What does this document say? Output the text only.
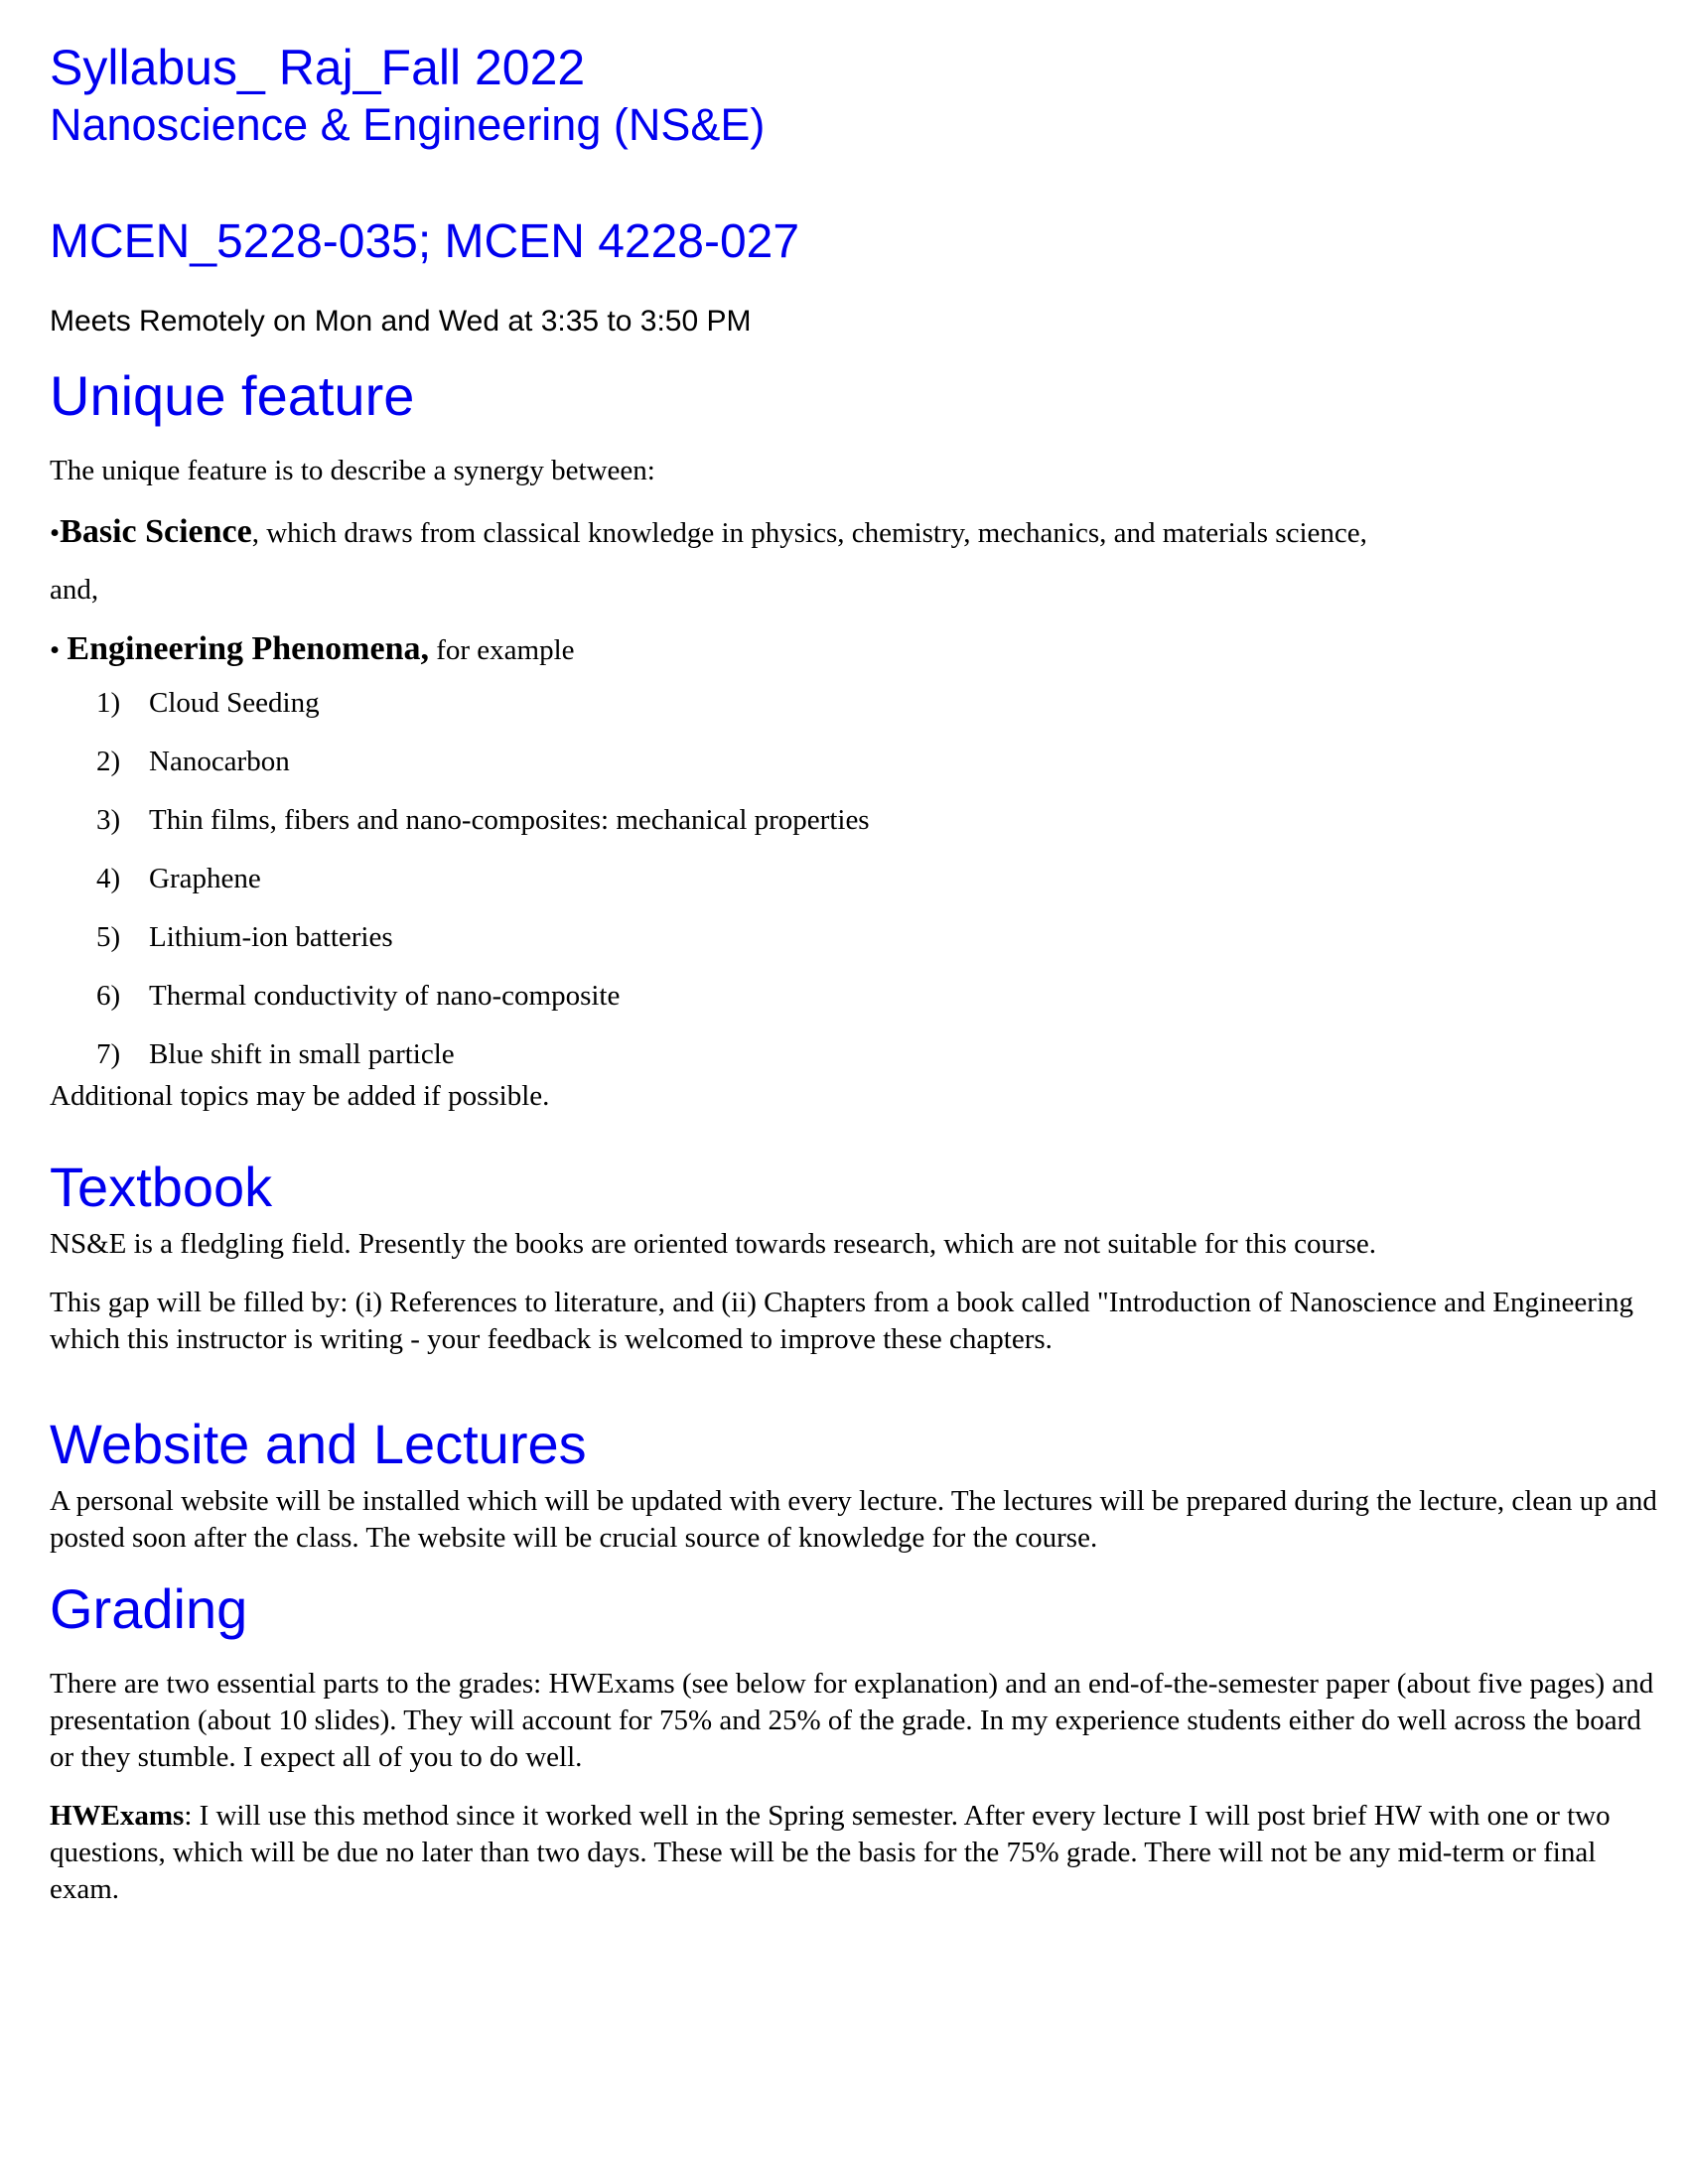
Syllabus_ Raj_Fall 2022
Nanoscience & Engineering (NS&E)
MCEN_5228-035; MCEN 4228-027

Meets Remotely on Mon and Wed at 3:35 to 3:50 PM

Unique feature

The unique feature is to describe a synergy between:

•Basic Science, which draws from classical knowledge in physics, chemistry, mechanics, and materials science,

and,

• Engineering Phenomena, for example

1) Cloud Seeding
2) Nanocarbon
3) Thin films, fibers and nano-composites: mechanical properties
4) Graphene
5) Lithium-ion batteries
6) Thermal conductivity of nano-composite
7) Blue shift in small particle

Additional topics may be added if possible.

Textbook

NS&E is a fledgling field. Presently the books are oriented towards research, which are not suitable for this course.

This gap will be filled by: (i) References to literature, and (ii) Chapters from a book called "Introduction of Nanoscience and Engineering which this instructor is writing - your feedback is welcomed to improve these chapters.

Website and Lectures

A personal website will be installed which will be updated with every lecture. The lectures will be prepared during the lecture, clean up and posted soon after the class. The website will be crucial source of knowledge for the course.

Grading

There are two essential parts to the grades: HWExams (see below for explanation) and an end-of-the-semester paper (about five pages) and presentation (about 10 slides). They will account for 75% and 25% of the grade. In my experience students either do well across the board or they stumble. I expect all of you to do well.

HWExams: I will use this method since it worked well in the Spring semester. After every lecture I will post brief HW with one or two questions, which will be due no later than two days. These will be the basis for the 75% grade. There will not be any mid-term or final exam.
